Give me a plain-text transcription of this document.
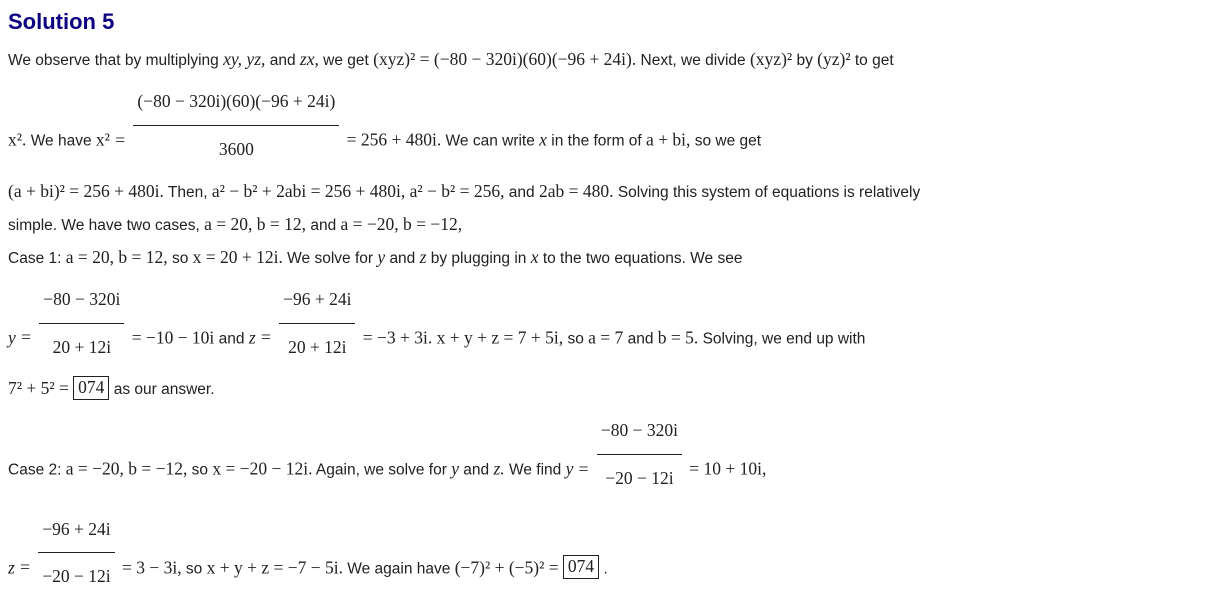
Solution 5
We observe that by multiplying xy, yz, and zx, we get (xyz)² = (−80 − 320i)(60)(−96 + 24i). Next, we divide (xyz)² by (yz)² to get
x². We have $x^2 = \frac{(-80 - 320i)(60)(-96 + 24i)}{3600} = 256 + 480i$. We can write x in the form of a + bi, so we get
(a + bi)² = 256 + 480i. Then, a² − b² + 2abi = 256 + 480i, a² − b² = 256, and 2ab = 480. Solving this system of equations is relatively
simple. We have two cases, a = 20, b = 12, and a = −20, b = −12,
Case 1: a = 20, b = 12, so x = 20 + 12i. We solve for y and z by plugging in x to the two equations. We see
$y = \frac{-80 - 320i}{20 + 12i} = -10 - 10i$ and $z = \frac{-96 + 24i}{20 + 12i} = -3 + 3i$. x + y + z = 7 + 5i, so a = 7 and b = 5. Solving, we end up with
7² + 5² = 074 as our answer.
Case 2: a = −20, b = −12, so x = −20 − 12i. Again, we solve for y and z. We find $y = \frac{-80 - 320i}{-20 - 12i} = 10 + 10i$,
$z = \frac{-96 + 24i}{-20 - 12i} = 3 - 3i$, so x + y + z = −7 − 5i. We again have (−7)² + (−5)² = 074 .
